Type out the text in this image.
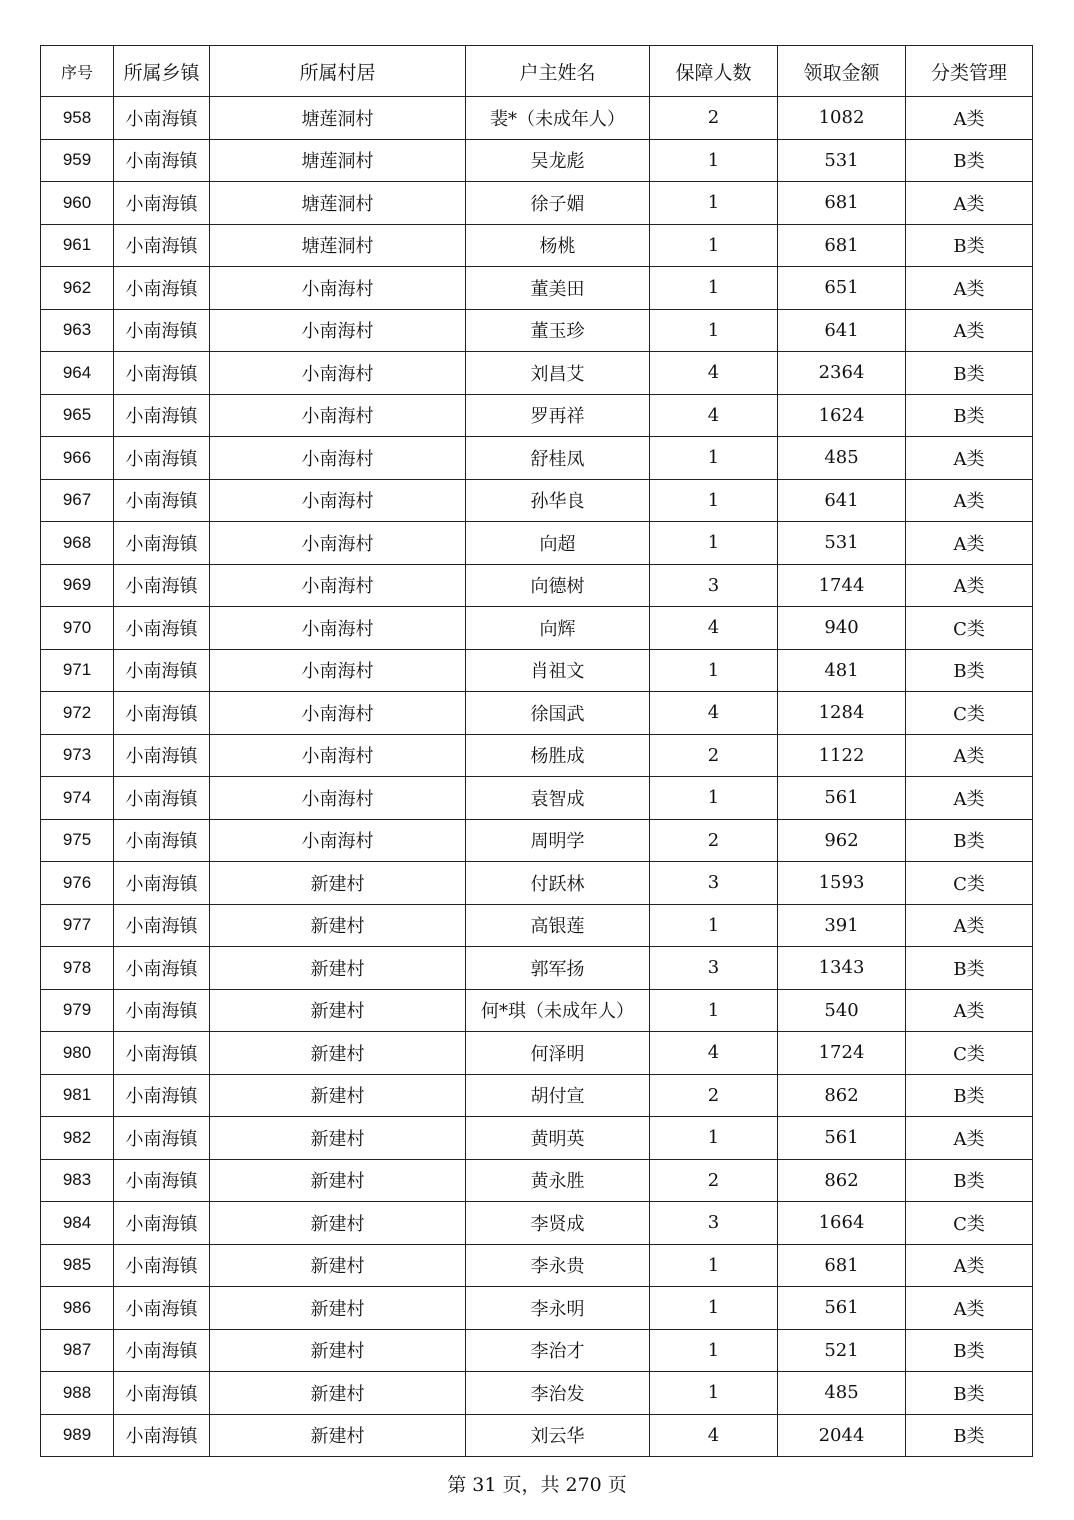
序号	所属乡镇	所属村居	户主姓名	保障人数	领取金额	分类管理
958	小南海镇	塘莲洞村	裴*（未成年人）	2	1082	A类
959	小南海镇	塘莲洞村	吴龙彪	1	531	B类
960	小南海镇	塘莲洞村	徐子媚	1	681	A类
961	小南海镇	塘莲洞村	杨桃	1	681	B类
962	小南海镇	小南海村	董美田	1	651	A类
963	小南海镇	小南海村	董玉珍	1	641	A类
964	小南海镇	小南海村	刘昌艾	4	2364	B类
965	小南海镇	小南海村	罗再祥	4	1624	B类
966	小南海镇	小南海村	舒桂凤	1	485	A类
967	小南海镇	小南海村	孙华良	1	641	A类
968	小南海镇	小南海村	向超	1	531	A类
969	小南海镇	小南海村	向德树	3	1744	A类
970	小南海镇	小南海村	向辉	4	940	C类
971	小南海镇	小南海村	肖祖文	1	481	B类
972	小南海镇	小南海村	徐国武	4	1284	C类
973	小南海镇	小南海村	杨胜成	2	1122	A类
974	小南海镇	小南海村	袁智成	1	561	A类
975	小南海镇	小南海村	周明学	2	962	B类
976	小南海镇	新建村	付跃林	3	1593	C类
977	小南海镇	新建村	高银莲	1	391	A类
978	小南海镇	新建村	郭军扬	3	1343	B类
979	小南海镇	新建村	何*琪（未成年人）	1	540	A类
980	小南海镇	新建村	何泽明	4	1724	C类
981	小南海镇	新建村	胡付宣	2	862	B类
982	小南海镇	新建村	黄明英	1	561	A类
983	小南海镇	新建村	黄永胜	2	862	B类
984	小南海镇	新建村	李贤成	3	1664	C类
985	小南海镇	新建村	李永贵	1	681	A类
986	小南海镇	新建村	李永明	1	561	A类
987	小南海镇	新建村	李治才	1	521	B类
988	小南海镇	新建村	李治发	1	485	B类
989	小南海镇	新建村	刘云华	4	2044	B类
第 31 页，共 270 页
